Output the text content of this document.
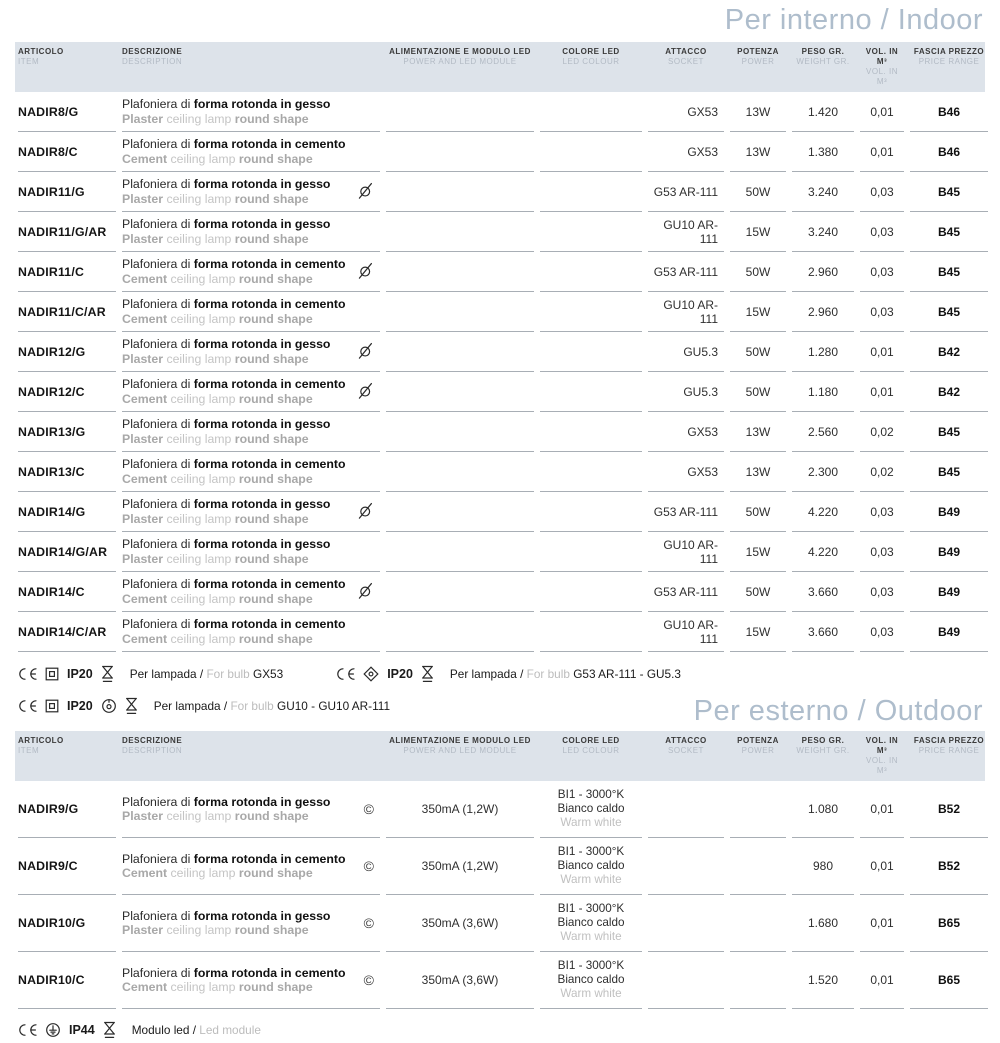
Per interno / Indoor
ARTICOLO
ITEM
DESCRIZIONE
DESCRIPTION
ALIMENTAZIONE E MODULO LED
POWER AND LED MODULE
COLORE LED
LED COLOUR
ATTACCO
SOCKET
POTENZA
POWER
PESO GR.
WEIGHT GR.
VOL. IN M³
VOL. IN M³
FASCIA PREZZO
PRICE RANGE
NADIR8/G
Plafoniera di forma rotonda in gesso
Plaster ceiling lamp round shape	GX53	13W	1.420	0,01	B46
NADIR8/C
Plafoniera di forma rotonda in cemento
Cement ceiling lamp round shape	GX53	13W	1.380	0,01	B46
NADIR11/G
Plafoniera di forma rotonda in gesso
Plaster ceiling lamp round shape	G53 AR-111	50W	3.240	0,03	B45
NADIR11/G/AR
Plafoniera di forma rotonda in gesso
Plaster ceiling lamp round shape
GU10 AR-111	15W	3.240	0,03	B45
NADIR11/C
Plafoniera di forma rotonda in cemento
Cement ceiling lamp round shape	G53 AR-111	50W	2.960	0,03	B45
NADIR11/C/AR
Plafoniera di forma rotonda in cemento
Cement ceiling lamp round shape
GU10 AR-111	15W	2.960	0,03	B45
NADIR12/G
Plafoniera di forma rotonda in gesso
Plaster ceiling lamp round shape	GU5.3	50W	1.280	0,01	B42
NADIR12/C
Plafoniera di forma rotonda in cemento
Cement ceiling lamp round shape	GU5.3	50W	1.180	0,01	B42
NADIR13/G
Plafoniera di forma rotonda in gesso
Plaster ceiling lamp round shape	GX53	13W	2.560	0,02	B45
NADIR13/C
Plafoniera di forma rotonda in cemento
Cement ceiling lamp round shape	GX53	13W	2.300	0,02	B45
NADIR14/G
Plafoniera di forma rotonda in gesso
Plaster ceiling lamp round shape	G53 AR-111	50W	4.220	0,03	B49
NADIR14/G/AR
Plafoniera di forma rotonda in gesso
Plaster ceiling lamp round shape
GU10 AR-111	15W	4.220	0,03	B49
NADIR14/C
Plafoniera di forma rotonda in cemento
Cement ceiling lamp round shape	G53 AR-111	50W	3.660	0,03	B49
NADIR14/C/AR
Plafoniera di forma rotonda in cemento
Cement ceiling lamp round shape
GU10 AR-111	15W	3.660	0,03	B49
IP20	Per lampada / For bulb GX53	IP20	Per lampada / For bulb G53 AR-111 - GU5.3
IP20	Per lampada / For bulb GU10 - GU10 AR-111	Per esterno / Outdoor
ARTICOLO
ITEM
DESCRIZIONE
DESCRIPTION
ALIMENTAZIONE E MODULO LED
POWER AND LED MODULE
COLORE LED
LED COLOUR
ATTACCO
SOCKET
POTENZA
POWER
PESO GR.
WEIGHT GR.
VOL. IN M³
VOL. IN M³
FASCIA PREZZO
PRICE RANGE
NADIR9/G
Plafoniera di forma rotonda in gesso
Plaster ceiling lamp round shape	©	350mA (1,2W)
BI1 - 3000°K
Bianco caldo
Warm white
1.080	0,01	B52
NADIR9/C
Plafoniera di forma rotonda in cemento
Cement ceiling lamp round shape	©	350mA (1,2W)
BI1 - 3000°K
Bianco caldo
Warm white
980	0,01	B52
NADIR10/G
Plafoniera di forma rotonda in gesso
Plaster ceiling lamp round shape	©	350mA (3,6W)
BI1 - 3000°K
Bianco caldo
Warm white
1.680	0,01	B65
NADIR10/C
Plafoniera di forma rotonda in cemento
Cement ceiling lamp round shape	©	350mA (3,6W)
BI1 - 3000°K
Bianco caldo
Warm white
1.520	0,01	B65
IP44	Modulo led / Led module
